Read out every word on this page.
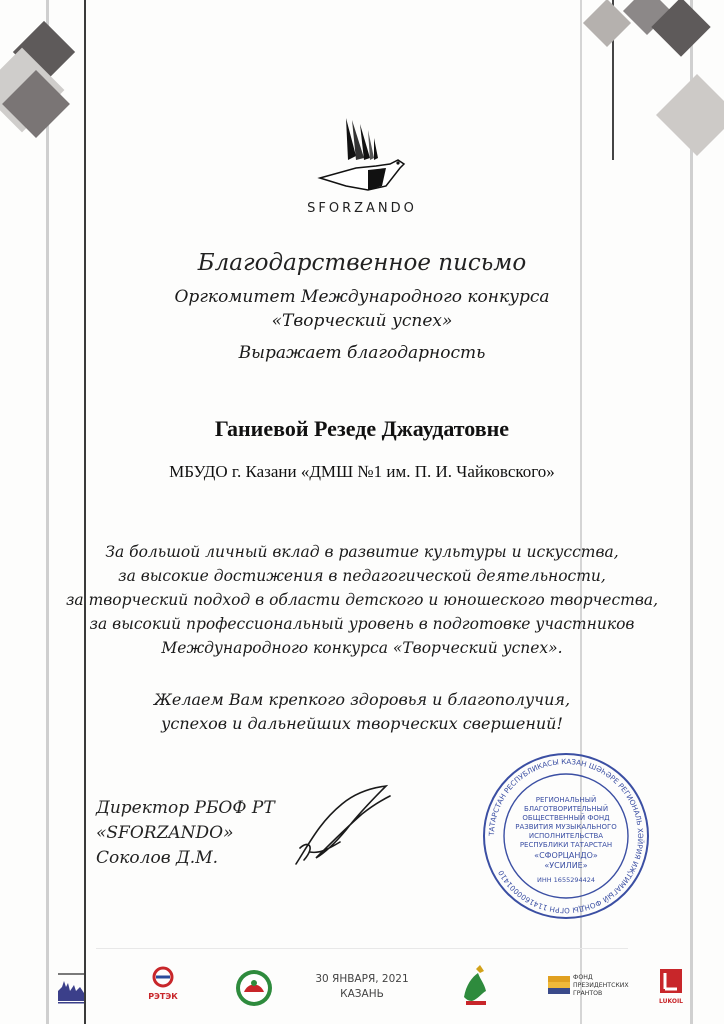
SFORZANDO
Благодарственное письмо
Оргкомитет Международного конкурса
«Творческий успех»
Выражает благодарность
Ганиевой Резеде Джаудатовне
МБУДО г. Казани «ДМШ №1 им. П. И. Чайковского»
За большой личный вклад в развитие культуры и искусства,
за высокие достижения в педагогической деятельности,
за творческий подход в области детского и юношеского творчества,
за высокий профессиональный уровень в подготовке участников
Международного конкурса «Творческий успех».
Желаем Вам крепкого здоровья и благополучия,
успехов и дальнейших творческих свершений!
Директор РБОФ РТ
«SFORZANDO»
Соколов Д.М.
ТАТАРСТАН РЕСПУБЛИКАСЫ КАЗАН ШӘҺӘРЕ РЕГИОНАЛЬ ХӘЙРИЯ ИҖТИМАГЫЙ ФОНДЫ ОГРН 1141600001410
РЕГИОНАЛЬНЫЙ
БЛАГОТВОРИТЕЛЬНЫЙ
ОБЩЕСТВЕННЫЙ ФОНД
РАЗВИТИЯ МУЗЫКАЛЬНОГО
ИСПОЛНИТЕЛЬСТВА
РЕСПУБЛИКИ ТАТАРСТАН
«СФОРЦАНДО»
«УСИЛИЕ»
ИНН 1655294424
РЭТЭК
30 ЯНВАРЯ, 2021
КАЗАНЬ
ФОНД
ПРЕЗИДЕНТСКИХ
ГРАНТОВ
LUKOIL
